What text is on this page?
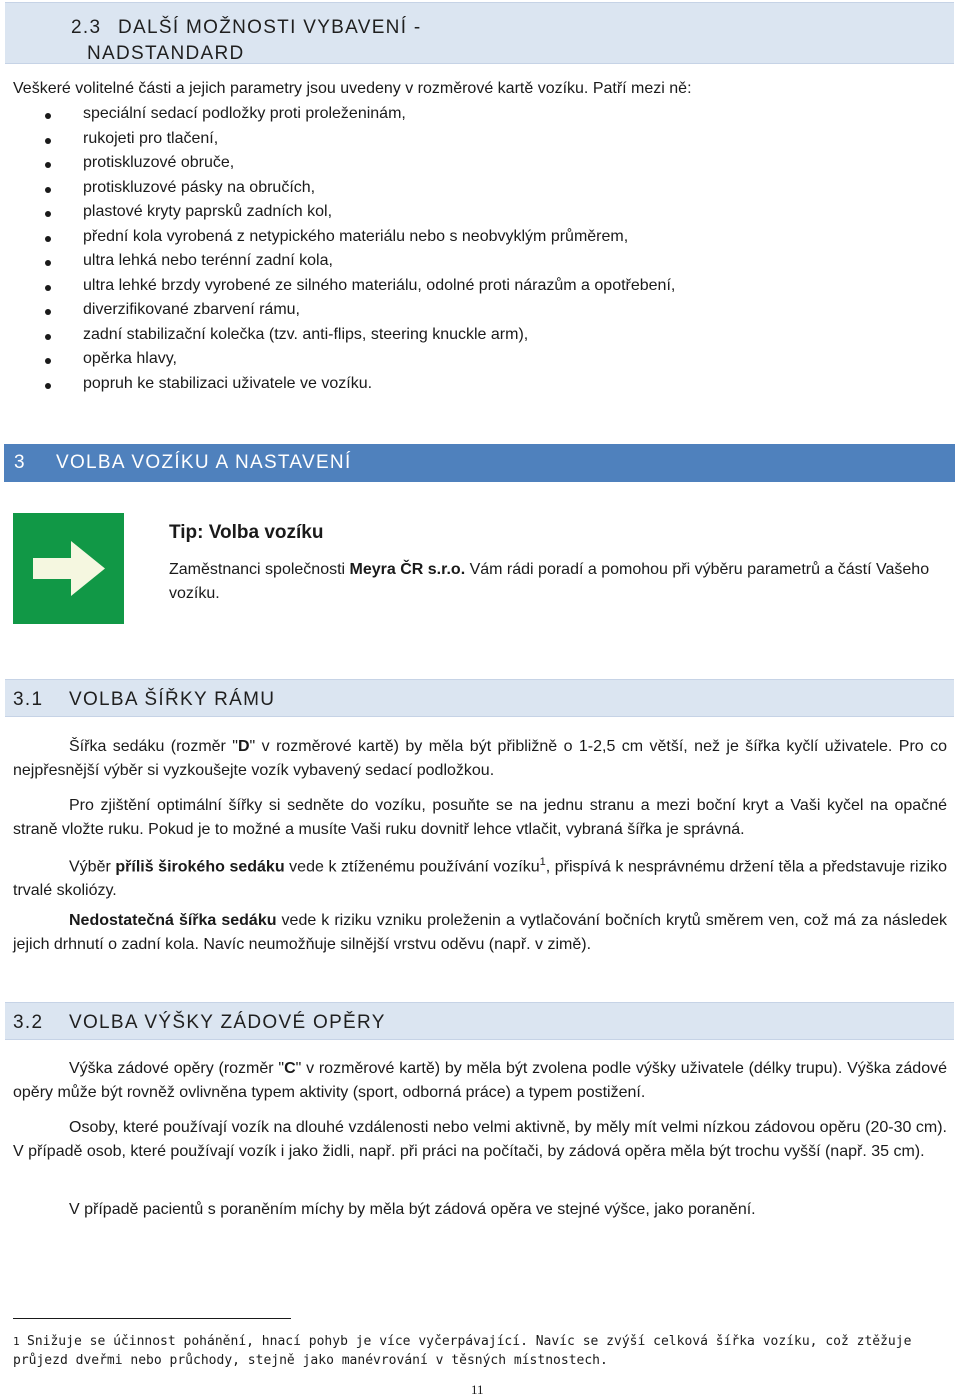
2.3 DALŠÍ MOŽNOSTI VYBAVENÍ -
NADSTANDARD
Veškeré volitelné části a jejich parametry jsou uvedeny v rozměrové kartě vozíku. Patří mezi ně:
speciální sedací podložky proti proleženinám,
rukojeti pro tlačení,
protiskluzové obruče,
protiskluzové pásky na obručích,
plastové kryty paprsků zadních kol,
přední kola vyrobená z netypického materiálu nebo s neobvyklým průměrem,
ultra lehká nebo terénní zadní kola,
ultra lehké brzdy vyrobené ze silného materiálu, odolné proti nárazům a opotřebení,
diverzifikované zbarvení rámu,
zadní stabilizační kolečka (tzv. anti-flips, steering knuckle arm),
opěrka hlavy,
popruh ke stabilizaci uživatele ve vozíku.
3 VOLBA VOZÍKU A NASTAVENÍ
Tip: Volba vozíku
Zaměstnanci společnosti Meyra ČR s.r.o. Vám rádi poradí a pomohou při výběru parametrů a částí Vašeho vozíku.
3.1 VOLBA ŠÍŘKY RÁMU
Šířka sedáku (rozměr "D" v rozměrové kartě) by měla být přibližně o 1-2,5 cm větší, než je šířka kyčlí uživatele. Pro co nejpřesnější výběr si vyzkoušejte vozík vybavený sedací podložkou.
Pro zjištění optimální šířky si sedněte do vozíku, posuňte se na jednu stranu a mezi boční kryt a Vaši kyčel na opačné straně vložte ruku. Pokud je to možné a musíte Vaši ruku dovnitř lehce vtlačit, vybraná šířka je správná.
Výběr příliš širokého sedáku vede k ztíženému používání vozíku$^1$, přispívá k nesprávnému držení těla a představuje riziko trvalé skoliózy.
Nedostatečná šířka sedáku vede k riziku vzniku proleženin a vytlačování bočních krytů směrem ven, což má za následek jejich drhnutí o zadní kola. Navíc neumožňuje silnější vrstvu oděvu (např. v zimě).
3.2 VOLBA VÝŠKY ZÁDOVÉ OPĚRY
Výška zádové opěry (rozměr "C" v rozměrové kartě) by měla být zvolena podle výšky uživatele (délky trupu). Výška zádové opěry může být rovněž ovlivněna typem aktivity (sport, odborná práce) a typem postižení.
Osoby, které používají vozík na dlouhé vzdálenosti nebo velmi aktivně, by měly mít velmi nízkou zádovou opěru (20-30 cm). V případě osob, které používají vozík i jako židli, např. při práci na počítači, by zádová opěra měla být trochu vyšší (např. 35 cm).
V případě pacientů s poraněním míchy by měla být zádová opěra ve stejné výšce, jako poranění.
1 Snižuje se účinnost pohánění, hnací pohyb je více vyčerpávající. Navíc se zvýší celková šířka vozíku, což ztěžuje průjezd dveřmi nebo průchody, stejně jako manévrování v těsných místnostech.
11
